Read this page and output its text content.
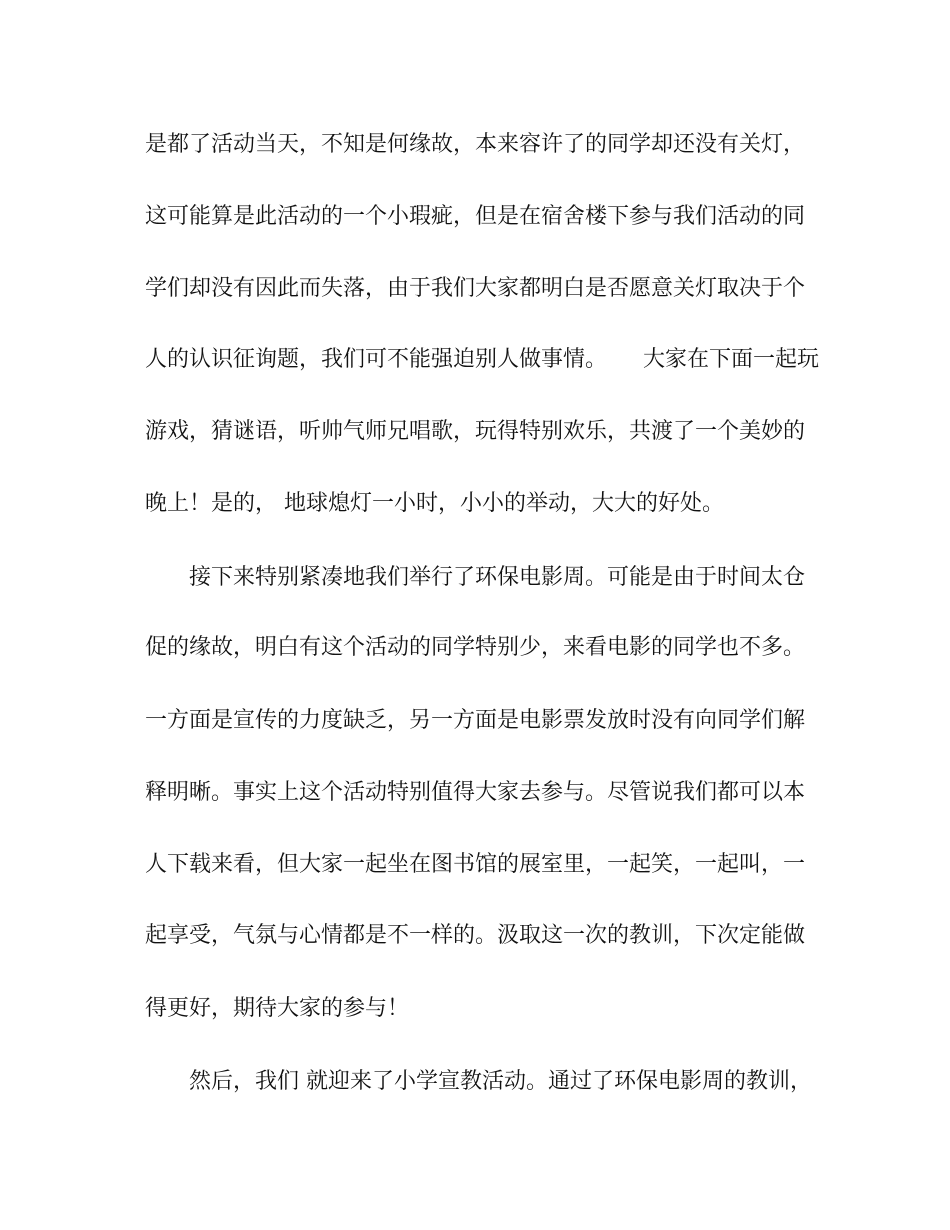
是都了活动当天，不知是何缘故，本来容许了的同学却还没有关灯，
这可能算是此活动的一个小瑕疵，但是在宿舍楼下参与我们活动的同
学们却没有因此而失落，由于我们大家都明白是否愿意关灯取决于个
人的认识征询题，我们可不能强迫别人做事情。 大家在下面一起玩
游戏，猜谜语，听帅气师兄唱歌，玩得特别欢乐，共渡了一个美妙的
晚上！是的， 地球熄灯一小时，小小的举动，大大的好处。
接下来特别紧凑地我们举行了环保电影周。可能是由于时间太仓
促的缘故，明白有这个活动的同学特别少，来看电影的同学也不多。
一方面是宣传的力度缺乏，另一方面是电影票发放时没有向同学们解
释明晰。事实上这个活动特别值得大家去参与。尽管说我们都可以本
人下载来看，但大家一起坐在图书馆的展室里，一起笑，一起叫，一
起享受，气氛与心情都是不一样的。汲取这一次的教训，下次定能做
得更好，期待大家的参与！
然后，我们 就迎来了小学宣教活动。通过了环保电影周的教训，
